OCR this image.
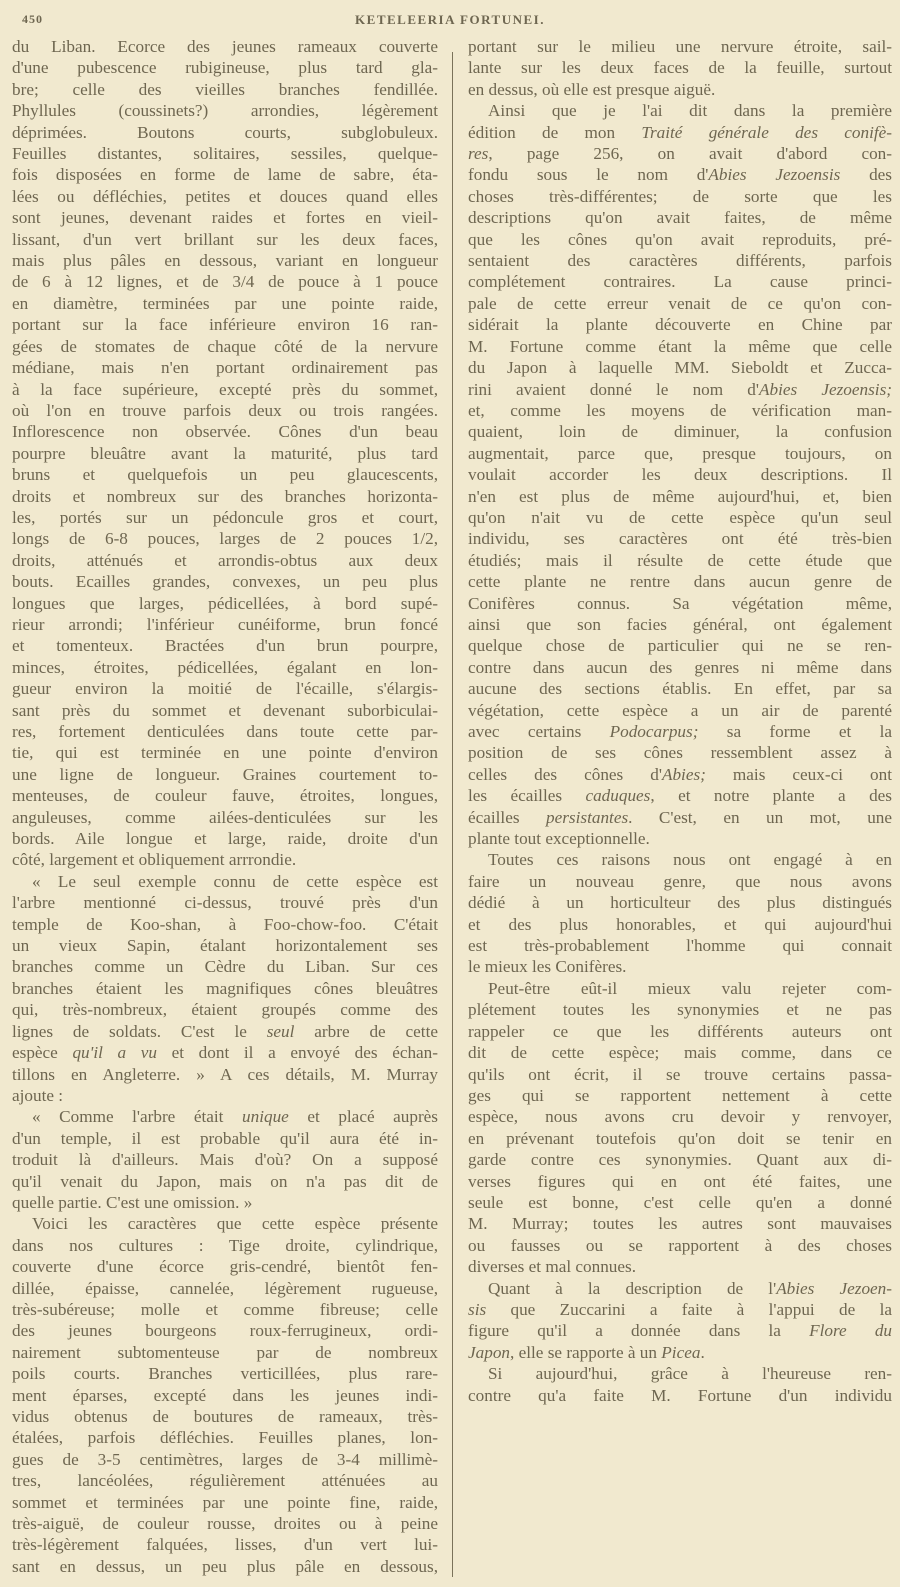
450	KETELEERIA FORTUNEI.

du Liban. Ecorce des jeunes rameaux couverte
d'une pubescence rubigineuse, plus tard gla-
bre; celle des vieilles branches fendillée.
Phyllules (coussinets?) arrondies, légèrement
déprimées. Boutons courts, subglobuleux.
Feuilles distantes, solitaires, sessiles, quelque-
fois disposées en forme de lame de sabre, éta-
lées ou défléchies, petites et douces quand elles
sont jeunes, devenant raides et fortes en vieil-
lissant, d'un vert brillant sur les deux faces,
mais plus pâles en dessous, variant en longueur
de 6 à 12 lignes, et de 3/4 de pouce à 1 pouce
en diamètre, terminées par une pointe raide,
portant sur la face inférieure environ 16 ran-
gées de stomates de chaque côté de la nervure
médiane, mais n'en portant ordinairement pas
à la face supérieure, excepté près du sommet,
où l'on en trouve parfois deux ou trois rangées.
Inflorescence non observée. Cônes d'un beau
pourpre bleuâtre avant la maturité, plus tard
bruns et quelquefois un peu glaucescents,
droits et nombreux sur des branches horizonta-
les, portés sur un pédoncule gros et court,
longs de 6-8 pouces, larges de 2 pouces 1/2,
droits, atténués et arrondis-obtus aux deux
bouts. Ecailles grandes, convexes, un peu plus
longues que larges, pédicellées, à bord supé-
rieur arrondi; l'inférieur cunéiforme, brun foncé
et tomenteux. Bractées d'un brun pourpre,
minces, étroites, pédicellées, égalant en lon-
gueur environ la moitié de l'écaille, s'élargis-
sant près du sommet et devenant suborbiculai-
res, fortement denticulées dans toute cette par-
tie, qui est terminée en une pointe d'environ
une ligne de longueur. Graines courtement to-
menteuses, de couleur fauve, étroites, longues,
anguleuses, comme ailées-denticulées sur les
bords. Aile longue et large, raide, droite d'un
côté, largement et obliquement arrrondie.

« Le seul exemple connu de cette espèce est
l'arbre mentionné ci-dessus, trouvé près d'un
temple de Koo-shan, à Foo-chow-foo. C'était
un vieux Sapin, étalant horizontalement ses
branches comme un Cèdre du Liban. Sur ces
branches étaient les magnifiques cônes bleuâtres
qui, très-nombreux, étaient groupés comme des
lignes de soldats. C'est le seul arbre de cette
espèce qu'il a vu et dont il a envoyé des échan-
tillons en Angleterre. » A ces détails, M. Murray
ajoute :

« Comme l'arbre était unique et placé auprès
d'un temple, il est probable qu'il aura été in-
troduit là d'ailleurs. Mais d'où? On a supposé
qu'il venait du Japon, mais on n'a pas dit de
quelle partie. C'est une omission. »

Voici les caractères que cette espèce présente
dans nos cultures : Tige droite, cylindrique,
couverte d'une écorce gris-cendré, bientôt fen-
dillée, épaisse, cannelée, légèrement rugueuse,
très-subéreuse; molle et comme fibreuse; celle
des jeunes bourgeons roux-ferrugineux, ordi-
nairement subtomenteuse par de nombreux
poils courts. Branches verticillées, plus rare-
ment éparses, excepté dans les jeunes indi-
vidus obtenus de boutures de rameaux, très-
étalées, parfois défléchies. Feuilles planes, lon-
gues de 3-5 centimètres, larges de 3-4 millimè-
tres, lancéolées, régulièrement atténuées au
sommet et terminées par une pointe fine, raide,
très-aiguë, de couleur rousse, droites ou à peine
très-légèrement falquées, lisses, d'un vert lui-
sant en dessus, un peu plus pâle en dessous,

portant sur le milieu une nervure étroite, sail-
lante sur les deux faces de la feuille, surtout
en dessus, où elle est presque aiguë.

Ainsi que je l'ai dit dans la première
édition de mon Traité générale des conifè-
res, page 256, on avait d'abord con-
fondu sous le nom d'Abies Jezoensis des
choses très-différentes; de sorte que les
descriptions qu'on avait faites, de même
que les cônes qu'on avait reproduits, pré-
sentaient des caractères différents, parfois
complétement contraires. La cause princi-
pale de cette erreur venait de ce qu'on con-
sidérait la plante découverte en Chine par
M. Fortune comme étant la même que celle
du Japon à laquelle MM. Sieboldt et Zucca-
rini avaient donné le nom d'Abies Jezoensis;
et, comme les moyens de vérification man-
quaient, loin de diminuer, la confusion
augmentait, parce que, presque toujours, on
voulait accorder les deux descriptions. Il
n'en est plus de même aujourd'hui, et, bien
qu'on n'ait vu de cette espèce qu'un seul
individu, ses caractères ont été très-bien
étudiés; mais il résulte de cette étude que
cette plante ne rentre dans aucun genre de
Conifères connus. Sa végétation même,
ainsi que son facies général, ont également
quelque chose de particulier qui ne se ren-
contre dans aucun des genres ni même dans
aucune des sections établis. En effet, par sa
végétation, cette espèce a un air de parenté
avec certains Podocarpus; sa forme et la
position de ses cônes ressemblent assez à
celles des cônes d'Abies; mais ceux-ci ont
les écailles caduques, et notre plante a des
écailles persistantes. C'est, en un mot, une
plante tout exceptionnelle.

Toutes ces raisons nous ont engagé à en
faire un nouveau genre, que nous avons
dédié à un horticulteur des plus distingués
et des plus honorables, et qui aujourd'hui
est très-probablement l'homme qui connait
le mieux les Conifères.

Peut-être eût-il mieux valu rejeter com-
plétement toutes les synonymies et ne pas
rappeler ce que les différents auteurs ont
dit de cette espèce; mais comme, dans ce
qu'ils ont écrit, il se trouve certains passa-
ges qui se rapportent nettement à cette
espèce, nous avons cru devoir y renvoyer,
en prévenant toutefois qu'on doit se tenir en
garde contre ces synonymies. Quant aux di-
verses figures qui en ont été faites, une
seule est bonne, c'est celle qu'en a donné
M. Murray; toutes les autres sont mauvaises
ou fausses ou se rapportent à des choses
diverses et mal connues.

Quant à la description de l'Abies Jezoen-
sis que Zuccarini a faite à l'appui de la
figure qu'il a donnée dans la Flore du
Japon, elle se rapporte à un Picea.

Si aujourd'hui, grâce à l'heureuse ren-
contre qu'a faite M. Fortune d'un individu
